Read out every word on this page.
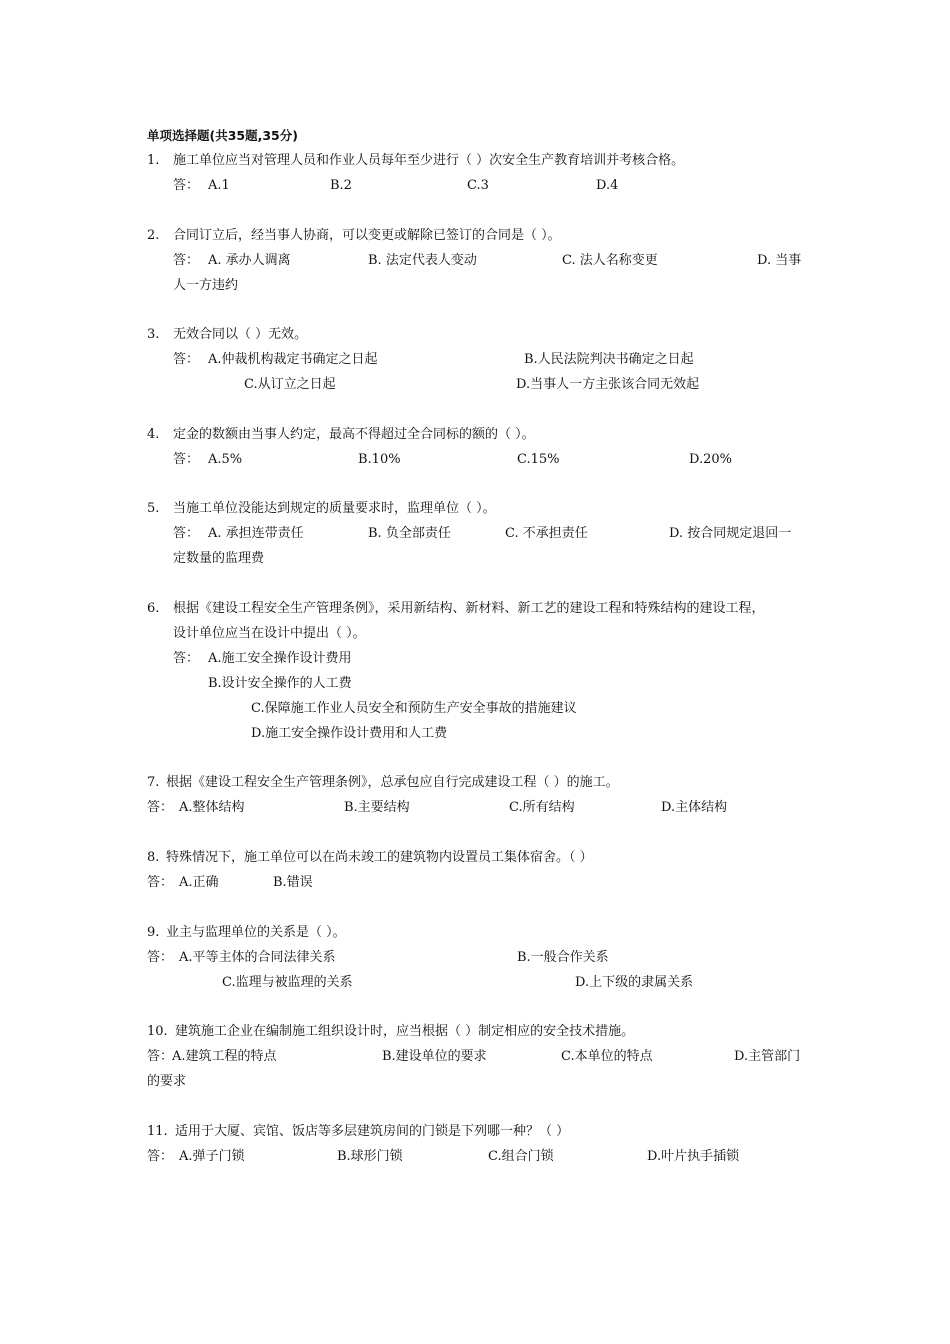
单项选择题(共35题,35分)
1. 施工单位应当对管理人员和作业人员每年至少进行（ ）次安全生产教育培训并考核合格。
答： A.1	B.2	C.3	D.4
2. 合同订立后，经当事人协商，可以变更或解除已签订的合同是（ ）。
答： A. 承办人调离	B. 法定代表人变动	C. 法人名称变更	D. 当事
人一方违约
3. 无效合同以（ ）无效。
答： A.仲裁机构裁定书确定之日起	B.人民法院判决书确定之日起
C.从订立之日起	D.当事人一方主张该合同无效起
4. 定金的数额由当事人约定，最高不得超过全合同标的额的（ ）。
答： A.5%	B.10%	C.15%	D.20%
5. 当施工单位没能达到规定的质量要求时，监理单位（ ）。
答： A. 承担连带责任	B. 负全部责任	C. 不承担责任	D. 按合同规定退回一
定数量的监理费
6. 根据《建设工程安全生产管理条例》，采用新结构、新材料、新工艺的建设工程和特殊结构的建设工程，
设计单位应当在设计中提出（ ）。
答： A.施工安全操作设计费用
B.设计安全操作的人工费
C.保障施工作业人员安全和预防生产安全事故的措施建议
D.施工安全操作设计费用和人工费
7. 根据《建设工程安全生产管理条例》，总承包应自行完成建设工程（ ）的施工。
答： A.整体结构	B.主要结构	C.所有结构	D.主体结构
8. 特殊情况下，施工单位可以在尚未竣工的建筑物内设置员工集体宿舍。（ ）
答： A.正确	B.错误
9. 业主与监理单位的关系是（ ）。
答： A.平等主体的合同法律关系	B.一般合作关系
C.监理与被监理的关系	D.上下级的隶属关系
10. 建筑施工企业在编制施工组织设计时，应当根据（ ）制定相应的安全技术措施。
答：
A.建筑工程的特点	B.建设单位的要求	C.本单位的特点	D.主管部门
的要求
11. 适用于大厦、宾馆、饭店等多层建筑房间的门锁是下列哪一种？（ ）
答： A.弹子门锁	B.球形门锁	C.组合门锁	D.叶片执手插锁
